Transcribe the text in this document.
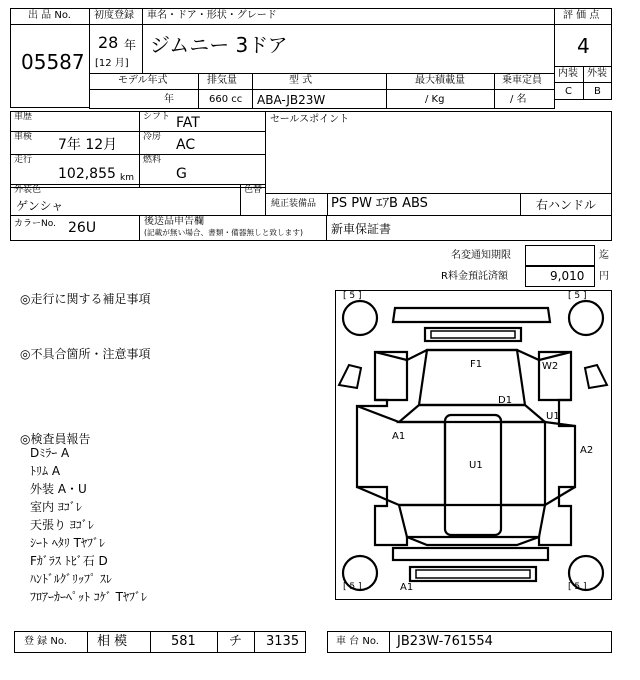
出 品 No.
05587
初度登録 車名・ドア・形状・グレード
28 年
[12 月]
ジムニー 3ドア
評 価 点
4
内装 外装
C B
モデル年式	排気量	型 式	最大積載量	乗車定員
年	660 cc ABA-JB23W	/ Kg	/ 名
車歴
車検 7年 12月
走行
102,855 km
シフト FAT
冷房 AC
燃料
G
セールスポイント
外装色
ゲンシャ
色替
純正装備品 PS PW ｴｱB ABS	右ハンドル
カラーNo. 26U	後送品申告欄
(記載が無い場合、書類・備器無しと致します) 新車保証書
名変通知期限	迄
R料金預託済額	9,010 円
◎走行に関する補足事項
◎不具合箇所・注意事項
◎検査員報告
Dﾐﾗｰ A
ﾄﾘﾑ A
外装 A・U
室内 ﾖｺﾞﾚ
天張り ﾖｺﾞﾚ
ｼｰﾄ ﾍﾀﾘ Tﾔﾌﾞﾚ
Fｶﾞﾗｽ ﾄﾋﾞ石 D
ﾊﾝﾄﾞﾙｸﾞﾘｯﾌﾟ ｽﾚ
ﾌﾛｱｰｶｰﾍﾟｯﾄ ｺｹﾞ Tﾔﾌﾞﾚ
[ 5 ]	[ 5 ]
[ 5 ]	[ 5 ]
F1	W2
D1
U1
A1
A2
U1
A1
登 録 No. 相 模	581	チ 3135	車 台 No. JB23W-761554
